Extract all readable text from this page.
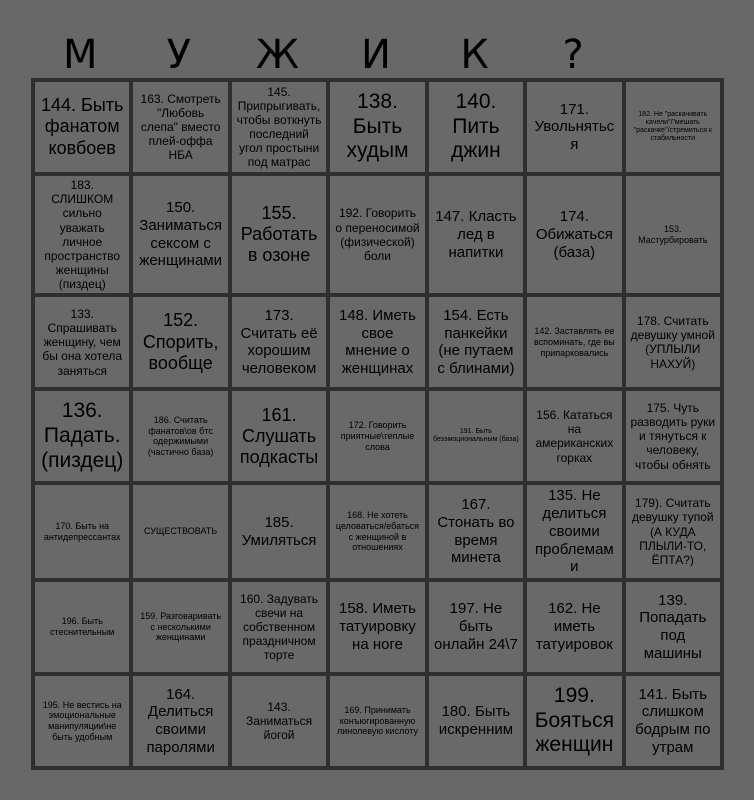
М	У	Ж	И	К	?
144. Быть фанатом ковбоев
163. Смотреть "Любовь слепа" вместо плей-оффа НБА
145. Припрыгивать, чтобы воткнуть последний угол простыни под матрас
138. Быть худым
140. Пить джин
171. Увольняться
182. Не "раскачивать качели"/"мешать "раскачке"/стремиться к стабильности
183. СЛИШКОМ сильно уважать личное пространство женщины (пиздец)
150. Заниматься сексом с женщинами
155. Работать в озоне
192. Говорить о переносимой (физической) боли
147. Класть лед в напитки
174. Обижаться (база)
153. Мастурбировать
133. Спрашивать женщину, чем бы она хотела заняться
152. Спорить, вообще
173. Считать её хорошим человеком
148. Иметь свое мнение о женщинах
154. Есть панкейки (не путаем с блинами)
142. Заставлять ее вспоминать, где вы припарковались
178. Считать девушку умной (УПЛЫЛИ НАХУЙ)
136. Падать. (пиздец)
186. Считать фанатов\ов бтс одержимыми (частично база)
161. Слушать подкасты
172. Говорить приятные\теплые слова
191. Быть безэмоциональным (база)
156. Кататься на американских горках
175. Чуть разводить руки и тянуться к человеку, чтобы обнять
170. Быть на антидепрессантах
СУЩЕСТВОВАТЬ
185. Умиляться
168. Не хотеть целоваться/ебаться с женщиной в отношениях
167. Стонать во время минета
135. Не делиться своими проблемами
179). Считать девушку тупой (А КУДА ПЛЫЛИ-ТО, ЁПТА?)
196. Быть стеснительным
159. Разговаривать с несколькими женщинами
160. Задувать свечи на собственном праздничном торте
158. Иметь татуировку на ноге
197. Не быть онлайн 24\7
162. Не иметь татуировок
139. Попадать под машины
195. Не вестись на эмоциональные манипуляции\не быть удобным
164. Делиться своими паролями
143. Заниматься йогой
169. Принимать конъюгированную линолевую кислоту
180. Быть искренним
199. Бояться женщин
141. Быть слишком бодрым по утрам
